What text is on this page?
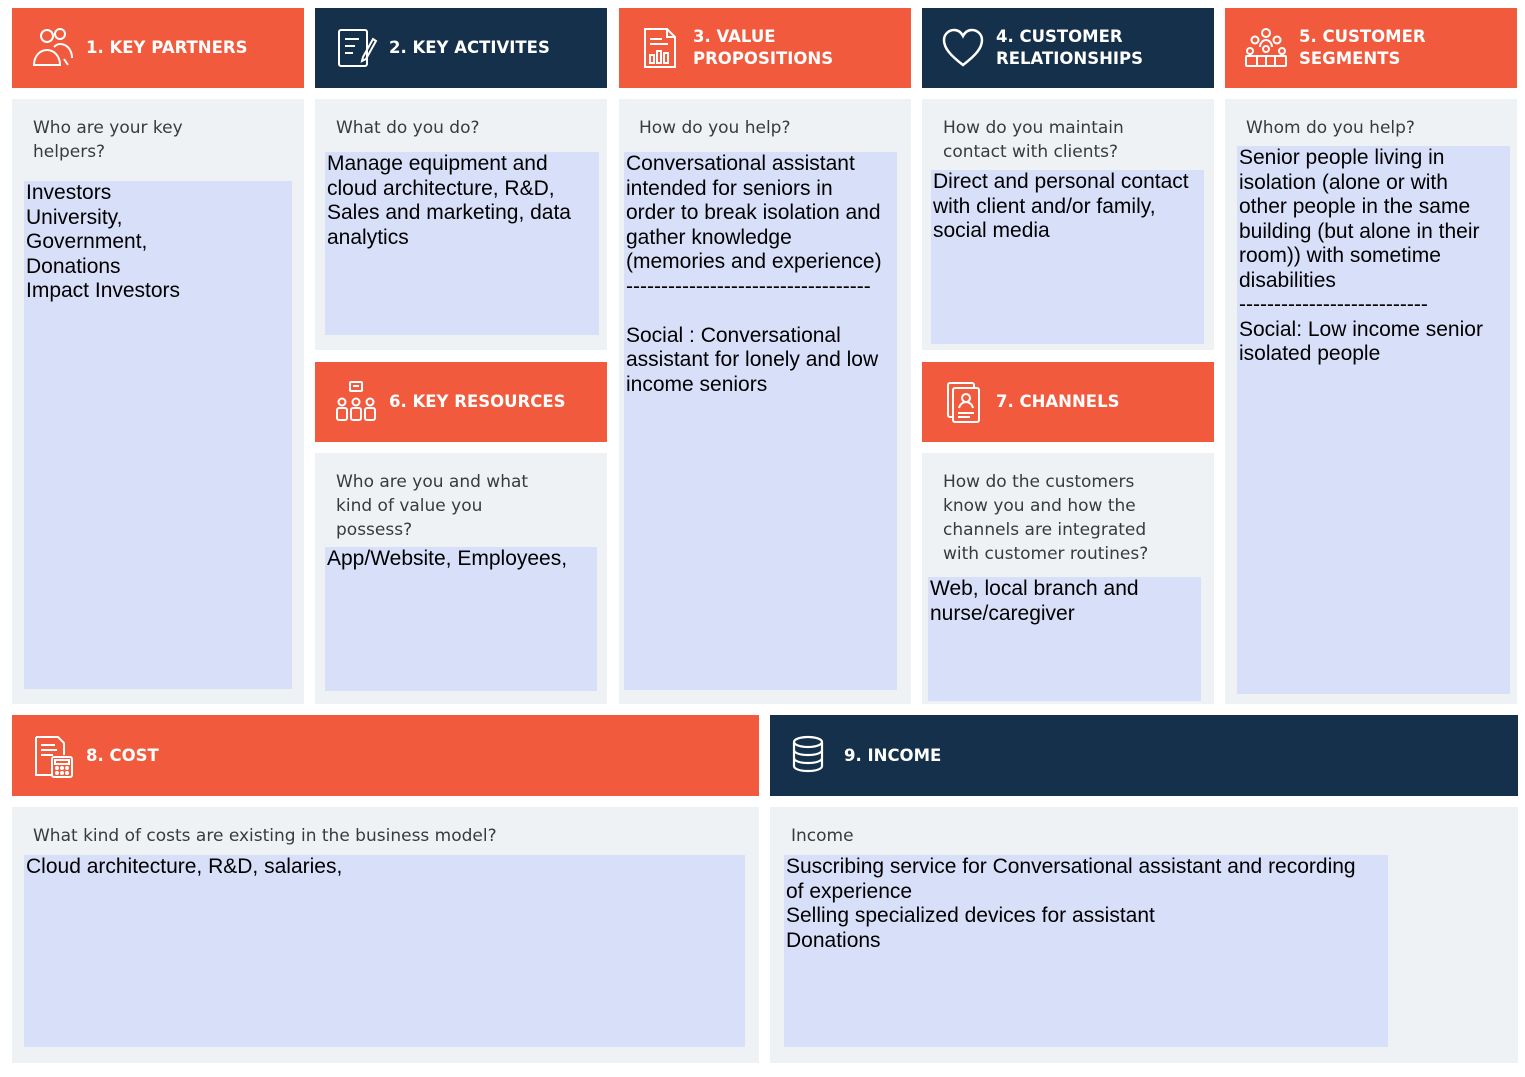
1. KEY PARTNERS
Who are your key
helpers?
Investors
University,
Government,
Donations
Impact Investors
2. KEY ACTIVITES
What do you do?
Manage equipment and
cloud architecture, R&D,
Sales and marketing, data
analytics
6. KEY RESOURCES
Who are you and what
kind of value you
possess?
App/Website, Employees,
3. VALUE
PROPOSITIONS
How do you help?
Conversational assistant
intended for seniors in
order to break isolation and
gather knowledge
(memories and experience)
-----------------------------------

Social : Conversational
assistant for lonely and low
income seniors
4. CUSTOMER
RELATIONSHIPS
How do you maintain
contact with clients?
Direct and personal contact
with client and/or family,
social media
7. CHANNELS
How do the customers
know you and how the
channels are integrated
with customer routines?
Web, local branch and
nurse/caregiver
5. CUSTOMER
SEGMENTS
Whom do you help?
Senior people living in
isolation (alone or with
other people in the same
building (but alone in their
room)) with sometime
disabilities
---------------------------
Social: Low income senior
isolated people
8. COST
What kind of costs are existing in the business model?
Cloud architecture, R&D, salaries,
9. INCOME
Income
Suscribing service for Conversational assistant and recording
of experience
Selling specialized devices for assistant
Donations
